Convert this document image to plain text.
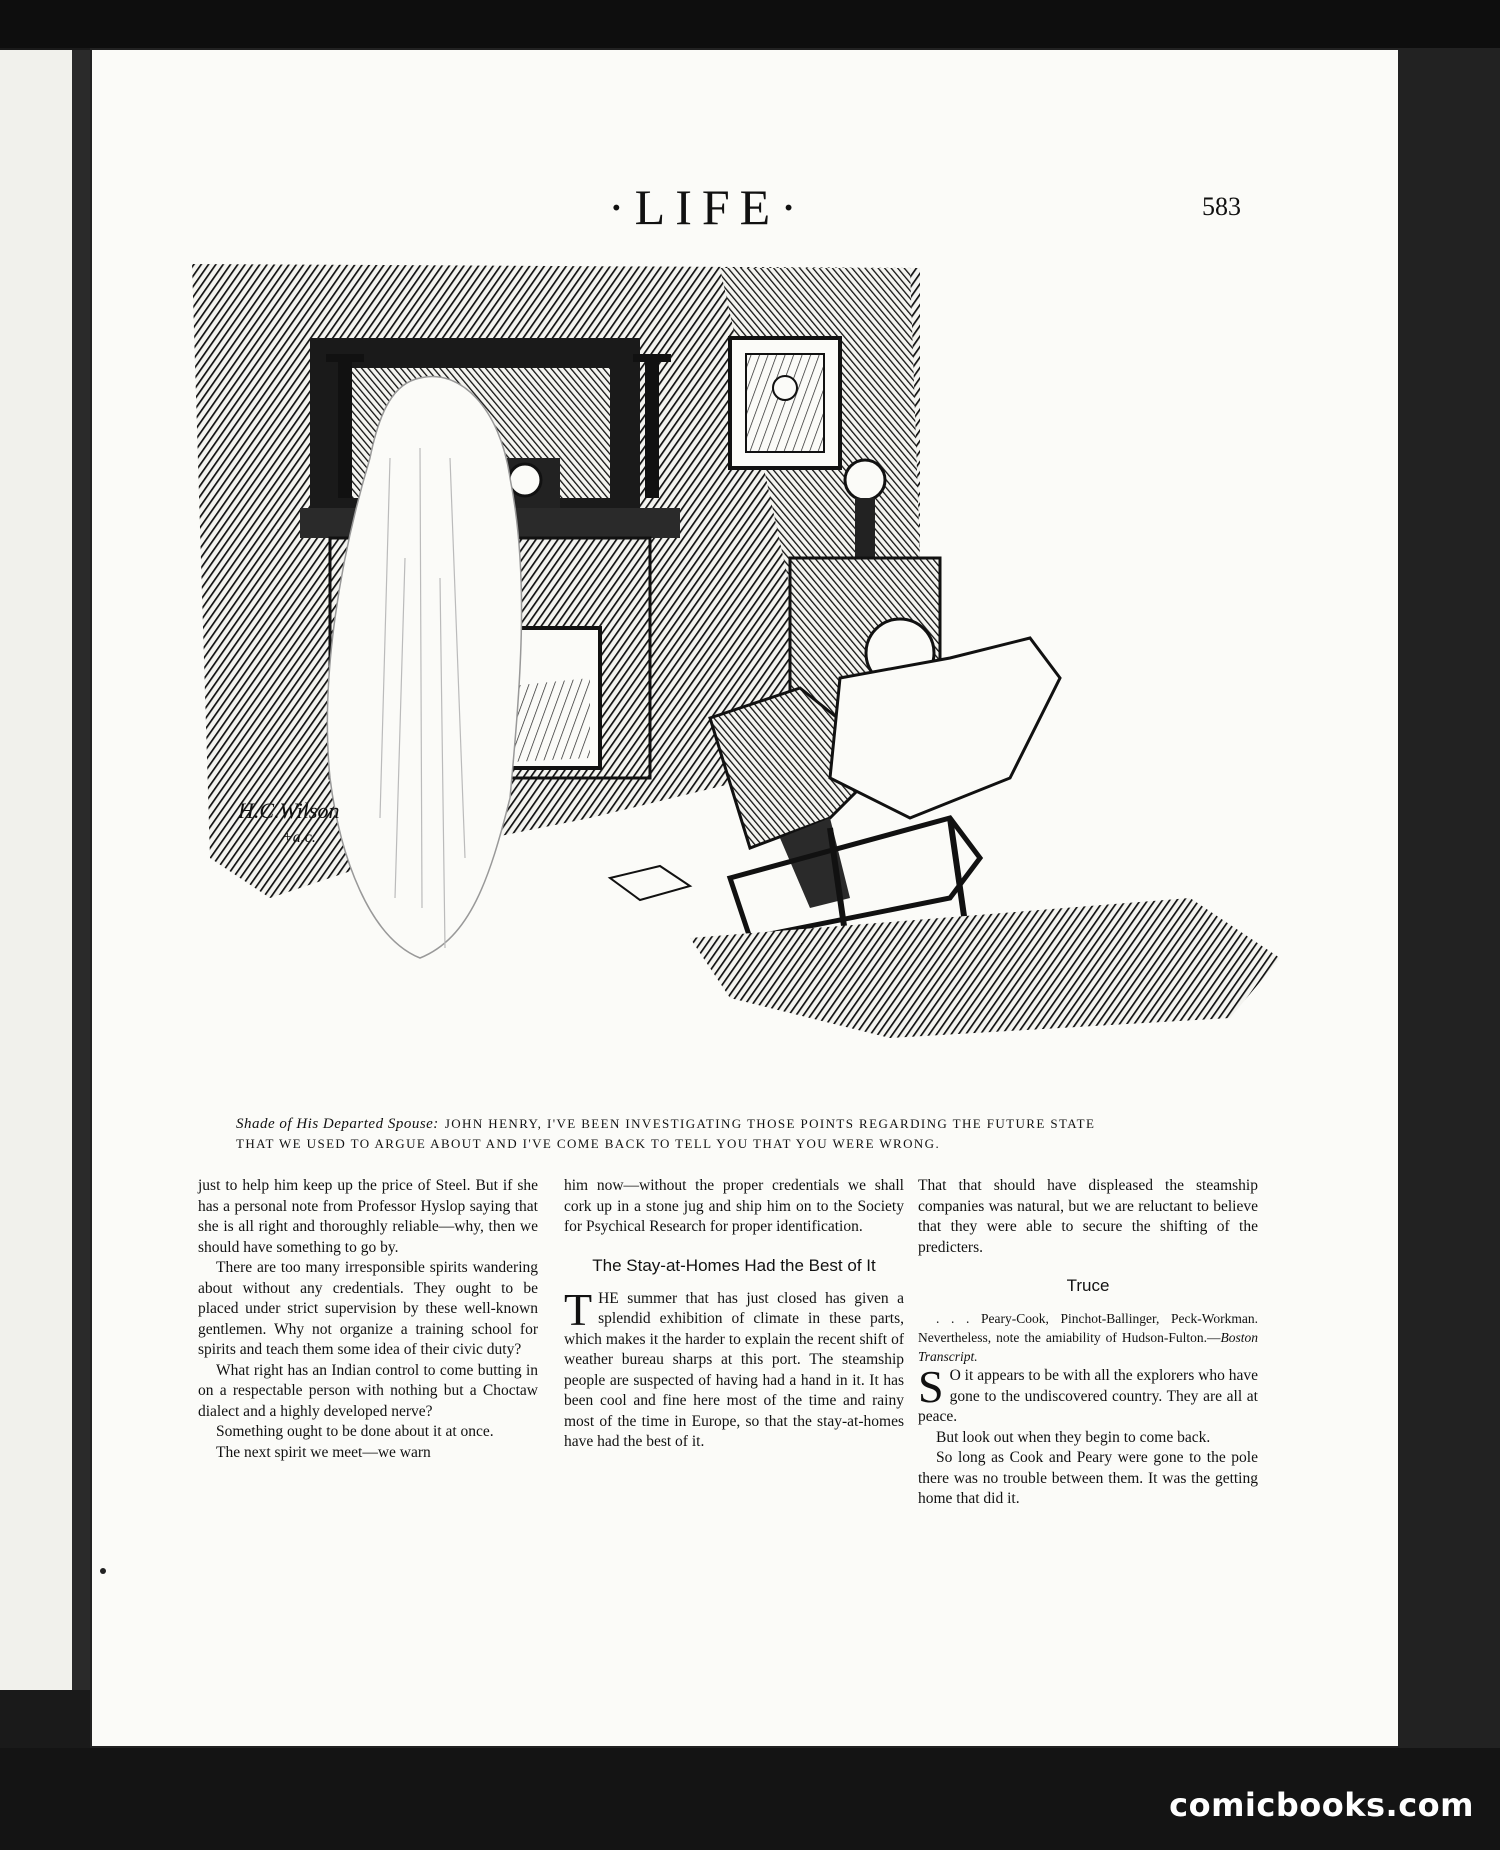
·LIFE·	583
H.C.Wilson
+a.c.
Shade of His Departed Spouse: JOHN HENRY, I'VE BEEN INVESTIGATING THOSE POINTS REGARDING THE FUTURE STATE
THAT WE USED TO ARGUE ABOUT AND I'VE COME BACK TO TELL YOU THAT YOU WERE WRONG.

just to help him keep up the price of Steel. But if she has a personal note from Professor Hyslop saying that she is all right and thoroughly reliable—why, then we should have something to go by.

There are too many irresponsible spirits wandering about without any credentials. They ought to be placed under strict supervision by these well-known gentlemen. Why not organize a training school for spirits and teach them some idea of their civic duty?

What right has an Indian control to come butting in on a respectable person with nothing but a Choctaw dialect and a highly developed nerve?

Something ought to be done about it at once.

The next spirit we meet—we warn

him now—without the proper credentials we shall cork up in a stone jug and ship him on to the Society for Psychical Research for proper identification.

The Stay-at-Homes Had the Best of It

THE summer that has just closed has given a splendid exhibition of climate in these parts, which makes it the harder to explain the recent shift of weather bureau sharps at this port. The steamship people are suspected of having had a hand in it. It has been cool and fine here most of the time and rainy most of the time in Europe, so that the stay-at-homes have had the best of it.

That that should have displeased the steamship companies was natural, but we are reluctant to believe that they were able to secure the shifting of the predicters.

Truce

. . . Peary-Cook, Pinchot-Ballinger, Peck-Workman. Nevertheless, note the amiability of Hudson-Fulton.—Boston Transcript.

S O it appears to be with all the explorers who have gone to the undiscovered country. They are all at peace.

But look out when they begin to come back.

So long as Cook and Peary were gone to the pole there was no trouble between them. It was the getting home that did it.

comicbooks.com
